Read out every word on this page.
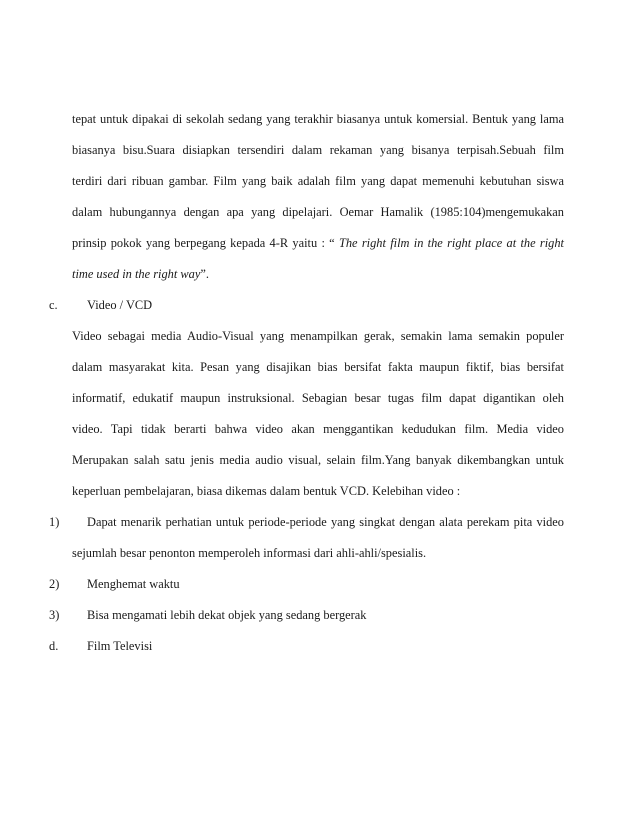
tepat untuk dipakai di sekolah sedang yang terakhir biasanya untuk komersial. Bentuk yang lama
biasanya bisu.Suara disiapkan tersendiri dalam rekaman yang bisanya terpisah.Sebuah film
terdiri dari ribuan gambar. Film yang baik adalah film yang dapat memenuhi kebutuhan siswa
dalam hubungannya dengan apa yang dipelajari. Oemar Hamalik (1985:104)mengemukakan
prinsip pokok yang berpegang kepada 4-R yaitu : “ The right film in the right place at the right
time used in the right way”.
c. Video / VCD
Video sebagai media Audio-Visual yang menampilkan gerak, semakin lama semakin populer
dalam masyarakat kita. Pesan yang disajikan bias bersifat fakta maupun fiktif, bias bersifat
informatif, edukatif maupun instruksional. Sebagian besar tugas film dapat digantikan oleh
video. Tapi tidak berarti bahwa video akan menggantikan kedudukan film. Media video
Merupakan salah satu jenis media audio visual, selain film.Yang banyak dikembangkan untuk
keperluan pembelajaran, biasa dikemas dalam bentuk VCD. Kelebihan video :
1) Dapat menarik perhatian untuk periode-periode yang singkat dengan alata perekam pita video
sejumlah besar penonton memperoleh informasi dari ahli-ahli/spesialis.
2) Menghemat waktu
3) Bisa mengamati lebih dekat objek yang sedang bergerak
d. Film Televisi
